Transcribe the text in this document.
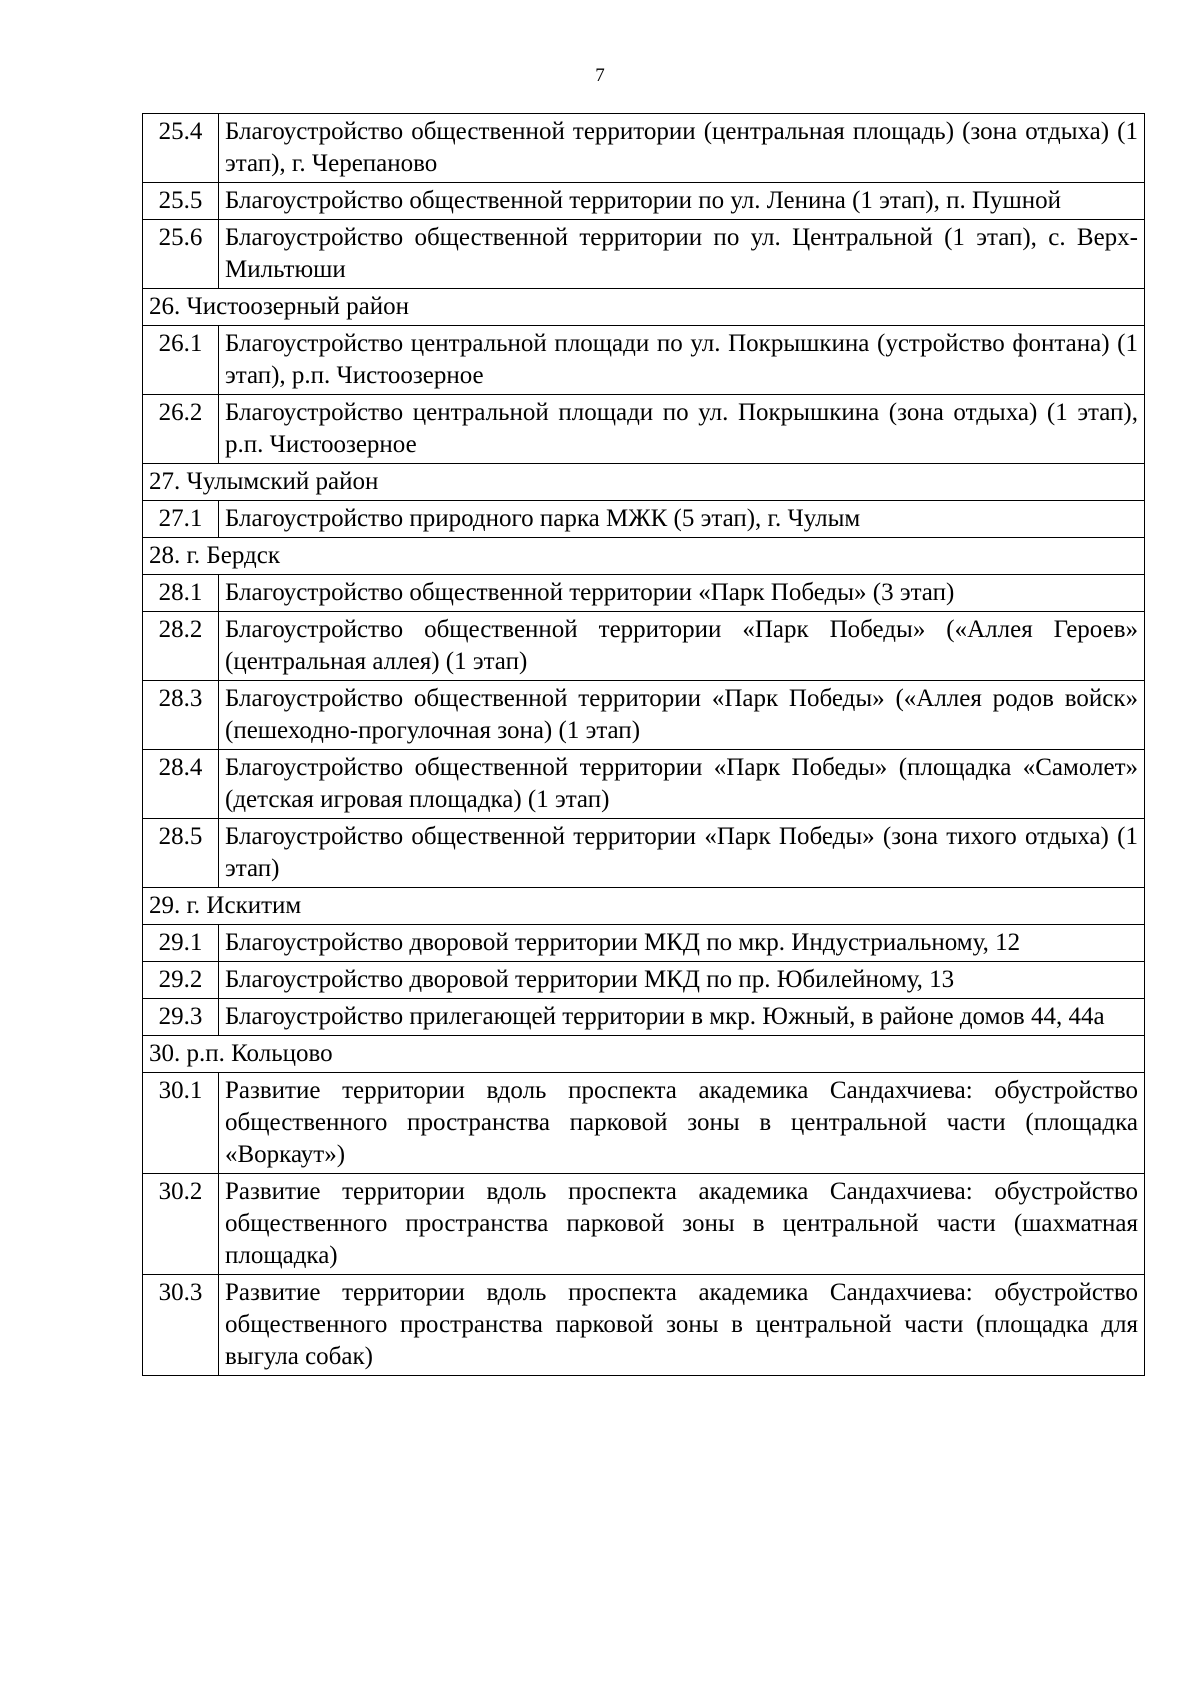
7
25.4	Благоустройство общественной территории (центральная площадь) (зона отдыха) (1 этап), г. Черепаново
25.5	Благоустройство общественной территории по ул. Ленина (1 этап), п. Пушной
25.6	Благоустройство общественной территории по ул. Центральной (1 этап), с. Верх-Мильтюши
26. Чистоозерный район	
26.1	Благоустройство центральной площади по ул. Покрышкина (устройство фонтана) (1 этап), р.п. Чистоозерное
26.2	Благоустройство центральной площади по ул. Покрышкина (зона отдыха) (1 этап), р.п. Чистоозерное
27. Чулымский район	
27.1	Благоустройство природного парка МЖК (5 этап), г. Чулым
28. г. Бердск	
28.1	Благоустройство общественной территории «Парк Победы» (3 этап)
28.2	Благоустройство общественной территории «Парк Победы» («Аллея Героев» (центральная аллея) (1 этап)
28.3	Благоустройство общественной территории «Парк Победы» («Аллея родов войск» (пешеходно-прогулочная зона) (1 этап)
28.4	Благоустройство общественной территории «Парк Победы» (площадка «Самолет» (детская игровая площадка) (1 этап)
28.5	Благоустройство общественной территории «Парк Победы» (зона тихого отдыха) (1 этап)
29. г. Искитим	
29.1	Благоустройство дворовой территории МКД по мкр. Индустриальному, 12
29.2	Благоустройство дворовой территории МКД по пр. Юбилейному, 13
29.3	Благоустройство прилегающей территории в мкр. Южный, в районе домов 44, 44а
30. р.п. Кольцово	
30.1	Развитие территории вдоль проспекта академика Сандахчиева: обустройство общественного пространства парковой зоны в центральной части (площадка «Воркаут»)
30.2	Развитие территории вдоль проспекта академика Сандахчиева: обустройство общественного пространства парковой зоны в центральной части (шахматная площадка)
30.3	Развитие территории вдоль проспекта академика Сандахчиева: обустройство общественного пространства парковой зоны в центральной части (площадка для выгула собак)
